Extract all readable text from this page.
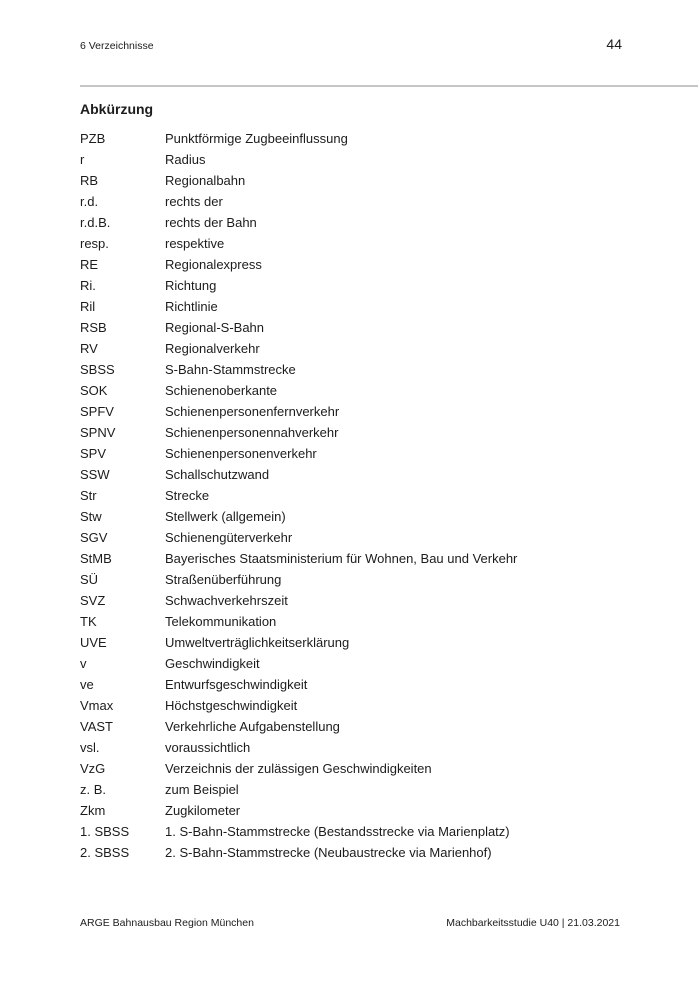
6 Verzeichnisse	44
Abkürzung
PZB	Punktförmige Zugbeeinflussung
r	Radius
RB	Regionalbahn
r.d.	rechts der
r.d.B.	rechts der Bahn
resp.	respektive
RE	Regionalexpress
Ri.	Richtung
Ril	Richtlinie
RSB	Regional-S-Bahn
RV	Regionalverkehr
SBSS	S-Bahn-Stammstrecke
SOK	Schienenoberkante
SPFV	Schienenpersonenfernverkehr
SPNV	Schienenpersonennahverkehr
SPV	Schienenpersonenverkehr
SSW	Schallschutzwand
Str	Strecke
Stw	Stellwerk (allgemein)
SGV	Schienengüterverkehr
StMB	Bayerisches Staatsministerium für Wohnen, Bau und Verkehr
SÜ	Straßenüberführung
SVZ	Schwachverkehrszeit
TK	Telekommunikation
UVE	Umweltverträglichkeitserklärung
v	Geschwindigkeit
ve	Entwurfsgeschwindigkeit
Vmax	Höchstgeschwindigkeit
VAST	Verkehrliche Aufgabenstellung
vsl.	voraussichtlich
VzG	Verzeichnis der zulässigen Geschwindigkeiten
z. B.	zum Beispiel
Zkm	Zugkilometer
1. SBSS	1. S-Bahn-Stammstrecke (Bestandsstrecke via Marienplatz)
2. SBSS	2. S-Bahn-Stammstrecke (Neubaustrecke via Marienhof)
ARGE Bahnausbau Region München	Machbarkeitsstudie U40 | 21.03.2021
